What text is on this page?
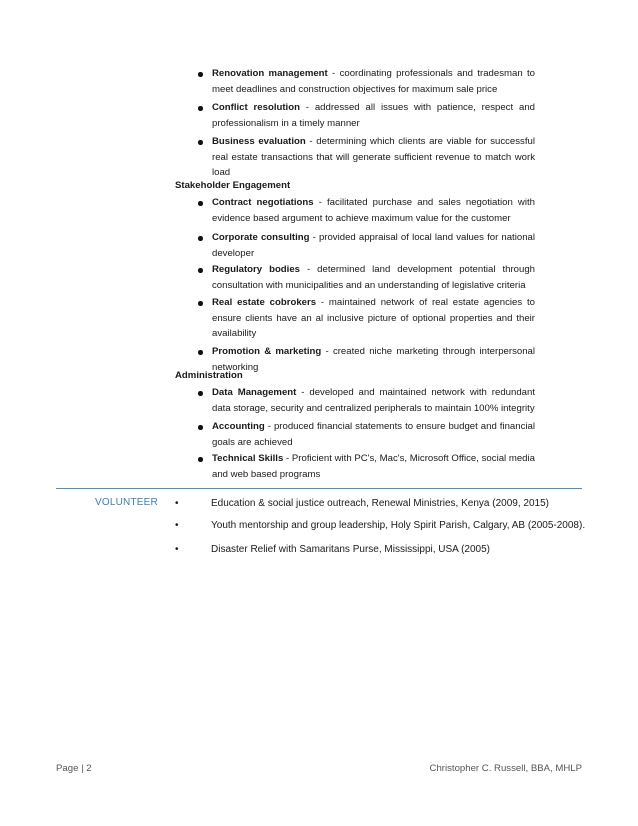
Renovation management - coordinating professionals and tradesman to meet deadlines and construction objectives for maximum sale price
Conflict resolution - addressed all issues with patience, respect and professionalism in a timely manner
Business evaluation - determining which clients are viable for successful real estate transactions that will generate sufficient revenue to match work load
Stakeholder Engagement
Contract negotiations - facilitated purchase and sales negotiation with evidence based argument to achieve maximum value for the customer
Corporate consulting - provided appraisal of local land values for national developer
Regulatory bodies - determined land development potential through consultation with municipalities and an understanding of legislative criteria
Real estate cobrokers - maintained network of real estate agencies to ensure clients have an al inclusive picture of optional properties and their availability
Promotion & marketing - created niche marketing through interpersonal networking
Administration
Data Management - developed and maintained network with redundant data storage, security and centralized peripherals to maintain 100% integrity
Accounting - produced financial statements to ensure budget and financial goals are achieved
Technical Skills - Proficient with PC's, Mac's, Microsoft Office, social media and web based programs
VOLUNTEER •	Education & social justice outreach, Renewal Ministries, Kenya (2009, 2015)
•	Youth mentorship and group leadership, Holy Spirit Parish, Calgary, AB (2005-2008).
•	Disaster Relief with Samaritans Purse, Mississippi, USA (2005)
Page | 2	Christopher C. Russell, BBA, MHLP
